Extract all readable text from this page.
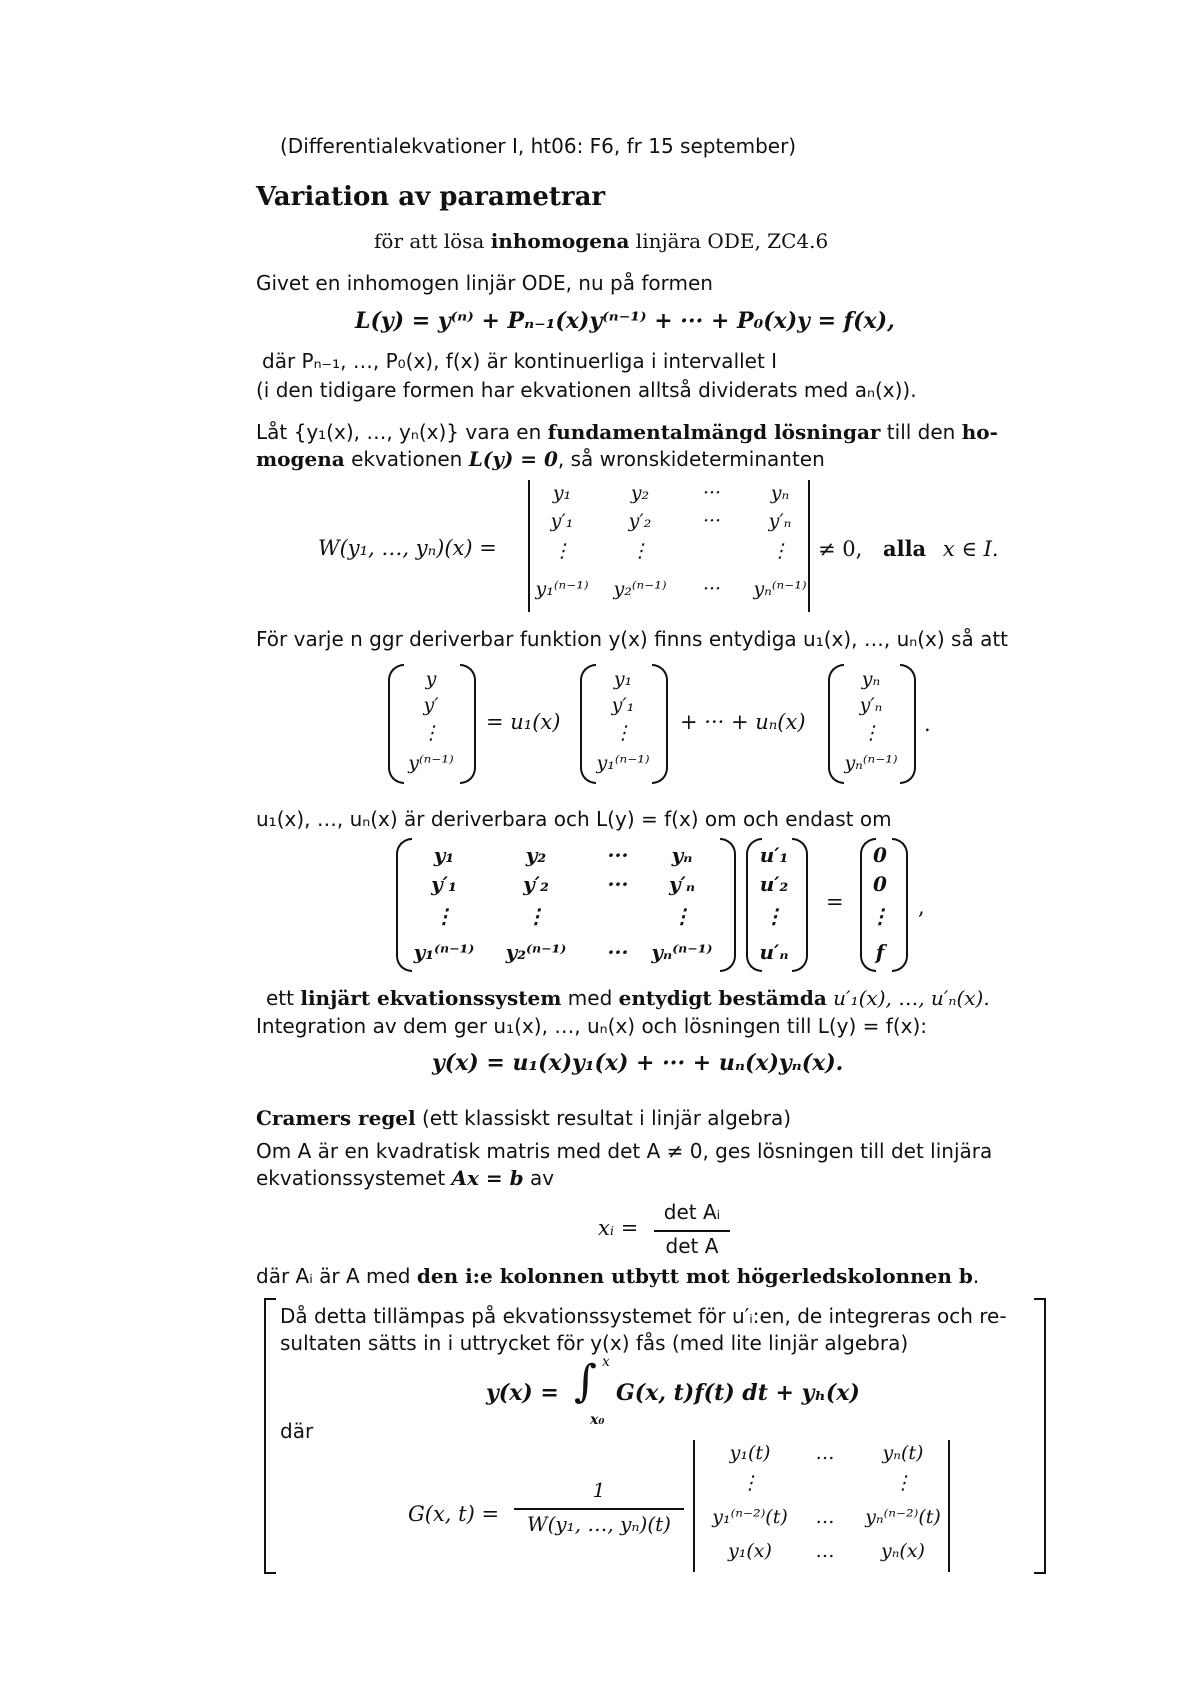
(Differentialekvationer I, ht06: F6, fr 15 september)
Variation av parametrar
för att lösa inhomogena linjära ODE, ZC4.6
Givet en inhomogen linjär ODE, nu på formen
L(y) = y⁽ⁿ⁾ + Pₙ₋₁(x)y⁽ⁿ⁻¹⁾ + ··· + P₀(x)y = f(x),
där Pₙ₋₁, …, P₀(x), f(x) är kontinuerliga i intervallet I
(i den tidigare formen har ekvationen alltså dividerats med aₙ(x)).
Låt {y₁(x), …, yₙ(x)} vara en fundamentalmängd lösningar till den ho-
mogena ekvationen L(y) = 0, så wronskideterminanten
W(y₁, …, yₙ)(x) =
y₁	y₂	···	yₙ
y′₁	y′₂	···	y′ₙ
⋮	⋮	⋮
y₁⁽ⁿ⁻¹⁾ y₂⁽ⁿ⁻¹⁾	···	yₙ⁽ⁿ⁻¹⁾
≠ 0, alla x ∈ I.
För varje n ggr deriverbar funktion y(x) finns entydiga u₁(x), …, uₙ(x) så att
y
y′
⋮
y⁽ⁿ⁻¹⁾
= u₁(x)
y₁
y′₁
⋮
y₁⁽ⁿ⁻¹⁾
+ ··· + uₙ(x)
yₙ
y′ₙ
⋮
yₙ⁽ⁿ⁻¹⁾
.
u₁(x), …, uₙ(x) är deriverbara och L(y) = f(x) om och endast om
y₁	y₂	···	yₙ
y′₁	y′₂	···	y′ₙ
⋮	⋮	⋮
y₁⁽ⁿ⁻¹⁾	y₂⁽ⁿ⁻¹⁾	···	yₙ⁽ⁿ⁻¹⁾
u′₁
u′₂
⋮
u′ₙ
=
0
0
⋮
f
,
ett linjärt ekvationssystem med entydigt bestämda u′₁(x), …, u′ₙ(x).
Integration av dem ger u₁(x), …, uₙ(x) och lösningen till L(y) = f(x):
y(x) = u₁(x)y₁(x) + ··· + uₙ(x)yₙ(x).
Cramers regel (ett klassiskt resultat i linjär algebra)
Om A är en kvadratisk matris med det A ≠ 0, ges lösningen till det linjära
ekvationssystemet Ax = b av
xᵢ =
det Aᵢ
det A
där Aᵢ är A med den i:e kolonnen utbytt mot högerledskolonnen b.
Då detta tillämpas på ekvationssystemet för u′ᵢ:en, de integreras och re-
sultaten sätts in i uttrycket för y(x) fås (med lite linjär algebra)
y(x) = ∫ x
x₀
G(x, t)f(t) dt + yₕ(x)
där
G(x, t) =
1
W(y₁, …, yₙ)(t)
y₁(t)	…	yₙ(t)
⋮	⋮
y₁⁽ⁿ⁻²⁾(t)	…	yₙ⁽ⁿ⁻²⁾(t)
y₁(x)	…	yₙ(x)
